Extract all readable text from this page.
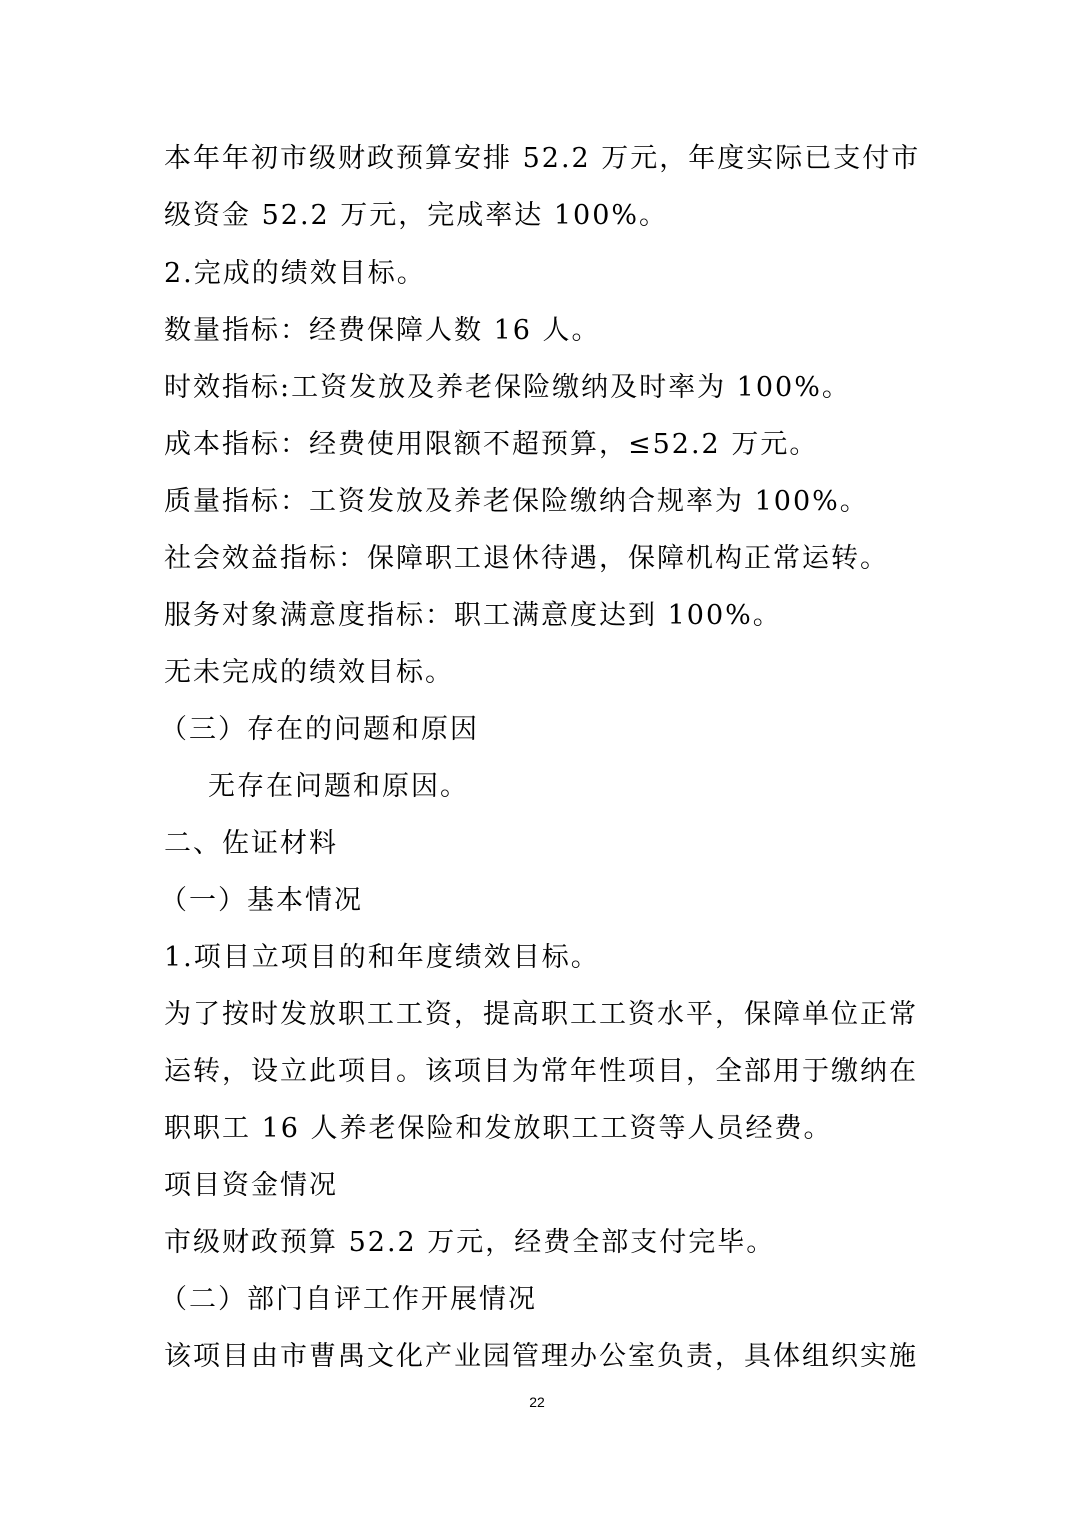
本年年初市级财政预算安排 52.2 万元，年度实际已支付市
级资金 52.2 万元，完成率达 100%。
2.完成的绩效目标。
数量指标：经费保障人数 16 人。
时效指标:工资发放及养老保险缴纳及时率为 100%。
成本指标：经费使用限额不超预算，≤52.2 万元。
质量指标：工资发放及养老保险缴纳合规率为 100%。
社会效益指标：保障职工退休待遇，保障机构正常运转。
服务对象满意度指标：职工满意度达到 100%。
无未完成的绩效目标。
（三）存在的问题和原因
无存在问题和原因。
二、佐证材料
（一）基本情况
1.项目立项目的和年度绩效目标。
为了按时发放职工工资，提高职工工资水平，保障单位正常
运转，设立此项目。该项目为常年性项目，全部用于缴纳在
职职工 16 人养老保险和发放职工工资等人员经费。
项目资金情况
市级财政预算 52.2 万元，经费全部支付完毕。
（二）部门自评工作开展情况
该项目由市曹禺文化产业园管理办公室负责，具体组织实施
22
